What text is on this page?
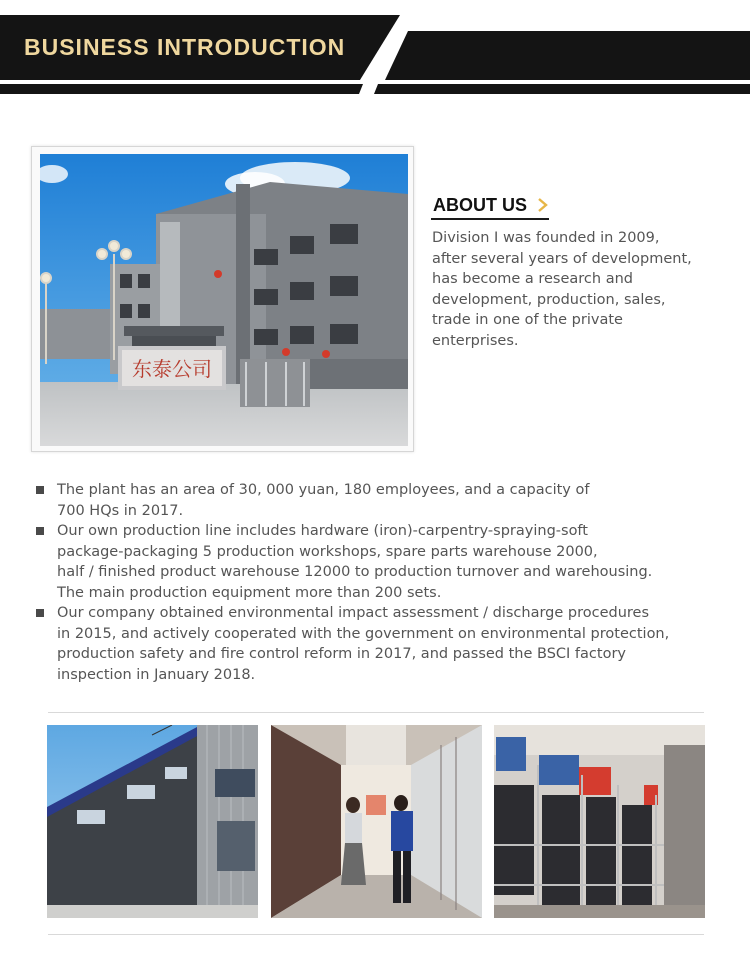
BUSINESS INTRODUCTION
东泰公司
ABOUT US
Division I was founded in 2009,
after several years of development,
has become a research and
development, production, sales,
trade in one of the private
enterprises.
The plant has an area of 30, 000 yuan, 180 employees, and a capacity of
700 HQs in 2017.
Our own production line includes hardware (iron)-carpentry-spraying-soft
package-packaging 5 production workshops, spare parts warehouse 2000,
half / finished product warehouse 12000 to production turnover and warehousing.
The main production equipment more than 200 sets.
Our company obtained environmental impact assessment / discharge procedures
in 2015, and actively cooperated with the government on environmental protection,
production safety and fire control reform in 2017, and passed the BSCI factory
inspection in January 2018.
